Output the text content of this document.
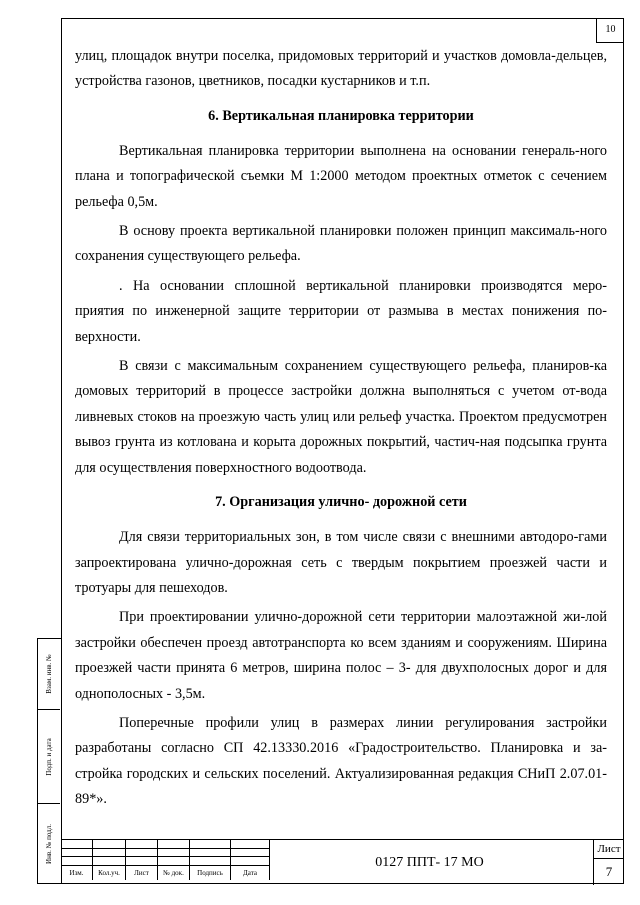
10

улиц, площадок внутри поселка, придомовых территорий и участков домовла-дельцев, устройства газонов, цветников, посадки кустарников и т.п.

6. Вертикальная планировка территории

Вертикальная планировка территории выполнена на основании генераль-ного плана и топографической съемки М 1:2000 методом проектных отметок с сечением рельефа 0,5м.

В основу проекта вертикальной планировки положен принцип максималь-ного сохранения существующего рельефа.

. На основании сплошной вертикальной планировки производятся меро-приятия по инженерной защите территории от размыва в местах понижения по-верхности.

В связи с максимальным сохранением существующего рельефа, планиров-ка домовых территорий в процессе застройки должна выполняться с учетом от-вода ливневых стоков на проезжую часть улиц или рельеф участка. Проектом предусмотрен вывоз грунта из котлована и корыта дорожных покрытий, частич-ная подсыпка грунта для осуществления поверхностного водоотвода.

7. Организация улично- дорожной сети

Для связи территориальных зон, в том числе связи с внешними автодоро-гами запроектирована улично-дорожная сеть с твердым покрытием проезжей части и тротуары для пешеходов.

При проектировании улично-дорожной сети территории малоэтажной жи-лой застройки обеспечен проезд автотранспорта ко всем зданиям и сооружениям. Ширина проезжей части принята 6 метров, ширина полос – 3- для двухполосных дорог и для однополосных - 3,5м.

Поперечные профили улиц в размерах линии регулирования застройки разработаны согласно СП 42.13330.2016 «Градостроительство. Планировка и за-стройка городских и сельских поселений. Актуализированная редакция СНиП 2.07.01-89*».

Взам. инв. №
Подп. и дата
Инв. № подл.

Изм.	Кол.уч.	Лист	№ док.	Подпись	Дата
0127 ППТ- 17 МО
Лист
7
